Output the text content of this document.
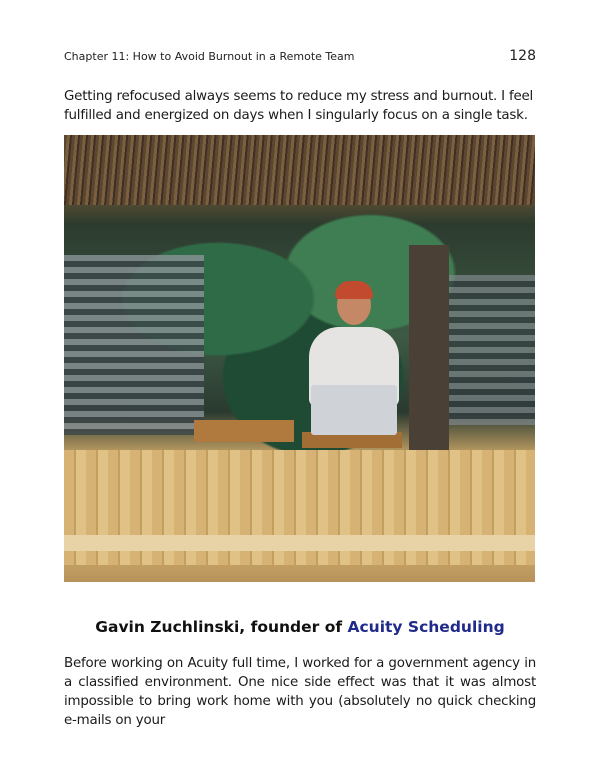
Chapter 11: How to Avoid Burnout in a Remote Team	128
Getting refocused always seems to reduce my stress and burnout. I feel fulfilled and energized on days when I singularly focus on a single task.
Gavin Zuchlinski, founder of Acuity Scheduling
Before working on Acuity full time, I worked for a government agency in a classified environment. One nice side effect was that it was almost impossible to bring work home with you (absolutely no quick checking e-mails on your
